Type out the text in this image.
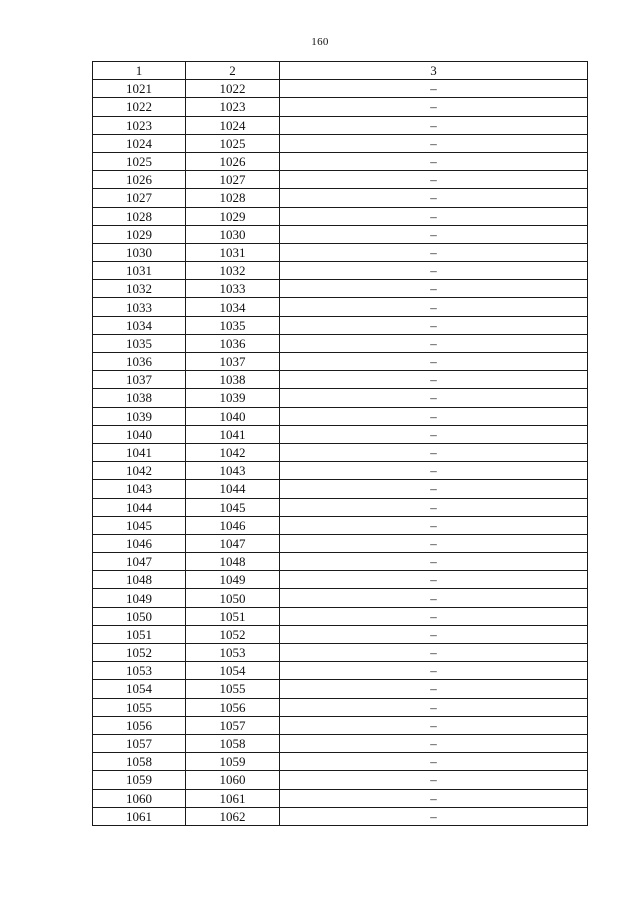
160
1	2	3
1021	1022	–
1022	1023	–
1023	1024	–
1024	1025	–
1025	1026	–
1026	1027	–
1027	1028	–
1028	1029	–
1029	1030	–
1030	1031	–
1031	1032	–
1032	1033	–
1033	1034	–
1034	1035	–
1035	1036	–
1036	1037	–
1037	1038	–
1038	1039	–
1039	1040	–
1040	1041	–
1041	1042	–
1042	1043	–
1043	1044	–
1044	1045	–
1045	1046	–
1046	1047	–
1047	1048	–
1048	1049	–
1049	1050	–
1050	1051	–
1051	1052	–
1052	1053	–
1053	1054	–
1054	1055	–
1055	1056	–
1056	1057	–
1057	1058	–
1058	1059	–
1059	1060	–
1060	1061	–
1061	1062	–
